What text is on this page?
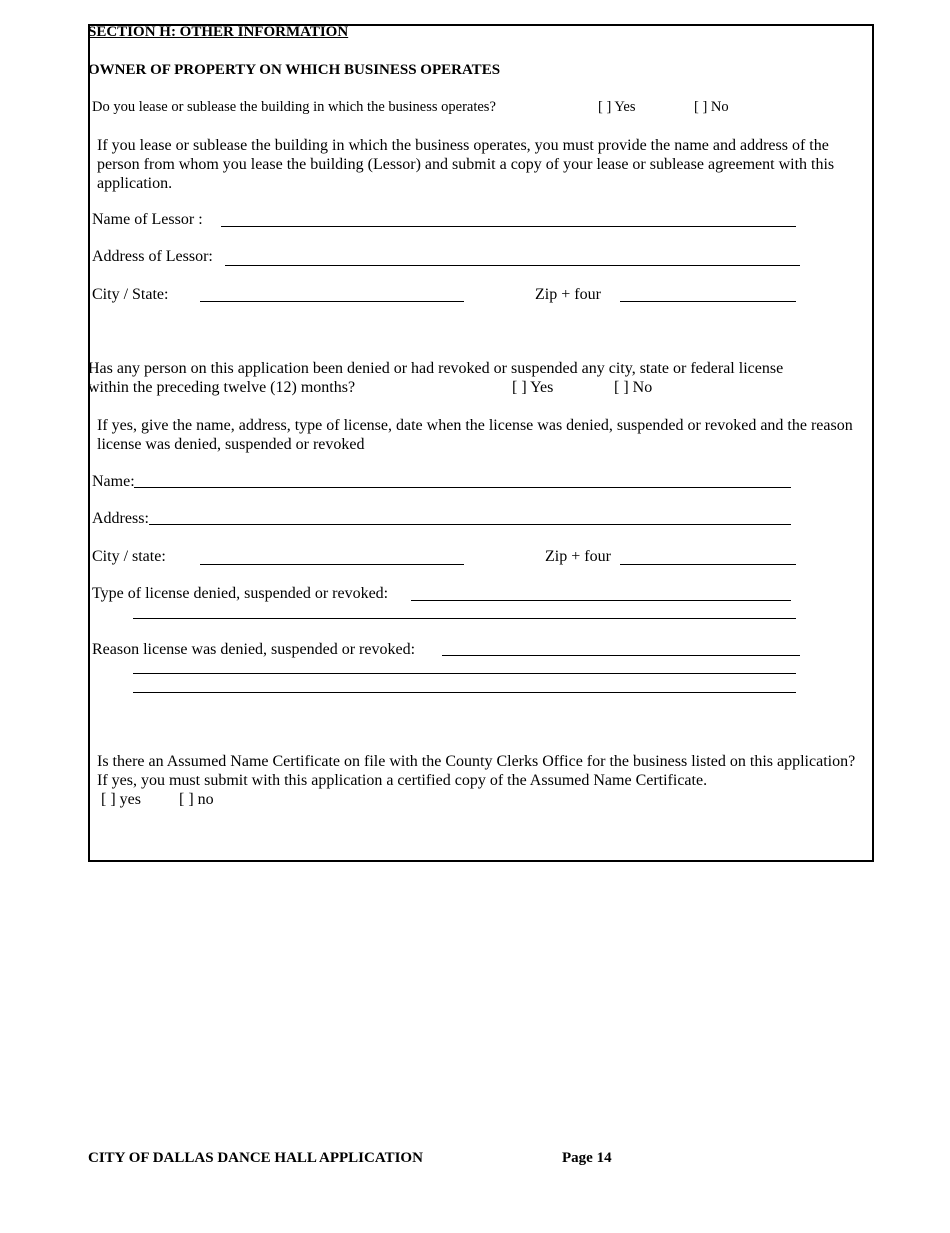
SECTION H: OTHER INFORMATION
OWNER OF PROPERTY ON WHICH BUSINESS OPERATES
Do you lease or sublease the building in which the business operates?	[ ] Yes	[ ] No
If you lease or sublease the building in which the business operates, you must provide the name and address of the person from whom you lease the building (Lessor) and submit a copy of your lease or sublease agreement with this application.
Name of Lessor :
Address of Lessor:
City / State:	Zip + four
Has any person on this application been denied or had revoked or suspended any city, state or federal license
within the preceding twelve (12) months?	[ ] Yes	[ ] No
If yes, give the name, address, type of license, date when the license was denied, suspended or revoked and the reason license was denied, suspended or revoked
Name:
Address:
City / state:	Zip + four
Type of license denied, suspended or revoked:
Reason license was denied, suspended or revoked:
Is there an Assumed Name Certificate on file with the County Clerks Office for the business listed on this application? If yes, you must submit with this application a certified copy of the Assumed Name Certificate.
[ ] yes [ ] no
CITY OF DALLAS DANCE HALL APPLICATION	Page 14
